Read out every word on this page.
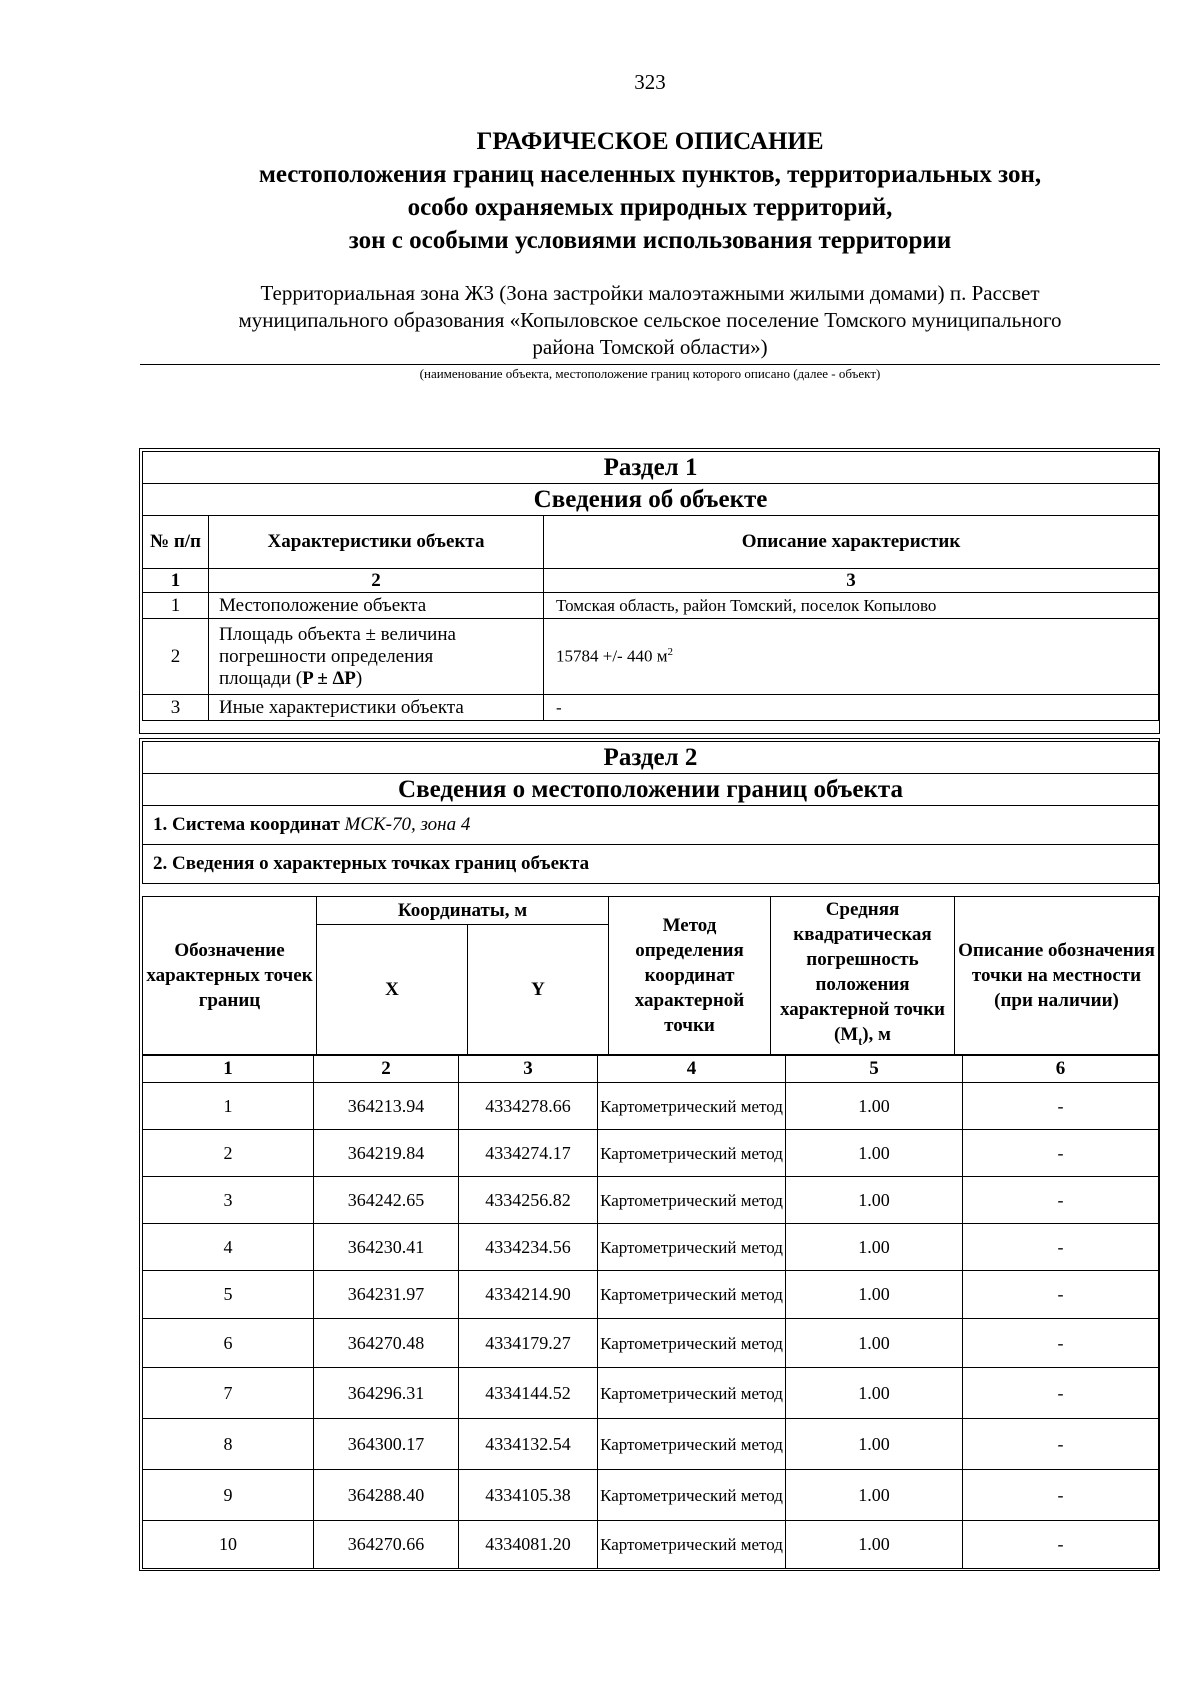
323
ГРАФИЧЕСКОЕ ОПИСАНИЕ
местоположения границ населенных пунктов, территориальных зон,
особо охраняемых природных территорий,
зон с особыми условиями использования территории
Территориальная зона Ж3 (Зона застройки малоэтажными жилыми домами) п. Рассвет
муниципального образования «Копыловское сельское поселение Томского муниципального
района Томской области»)
(наименование объекта, местоположение границ которого описано (далее - объект)
Раздел 1		
Сведения об объекте		
№ п/п	Характеристики объекта	Описание характеристик
1	2	3
1	Местоположение объекта	Томская область, район Томский, поселок Копылово
2	Площадь объекта ± величина
погрешности определения
площади (P ± ∆P)	15784 +/- 440 $м^2$
3	Иные характеристики объекта	-
Раздел 2
Сведения о местоположении границ объекта
1. Система координат МСК-70, зона 4
2. Сведения о характерных точках границ объекта
Обозначение характерных точек границ	Координаты, м		Метод определения координат характерной точки	Средняя квадратическая погрешность положения характерной точки $(M_t)$, м	Описание обозначения точки на местности (при наличии)
	X	Y			
1	2	3	4	5	6
1	364213.94	4334278.66	Картометрический метод	1.00	-
2	364219.84	4334274.17	Картометрический метод	1.00	-
3	364242.65	4334256.82	Картометрический метод	1.00	-
4	364230.41	4334234.56	Картометрический метод	1.00	-
5	364231.97	4334214.90	Картометрический метод	1.00	-
6	364270.48	4334179.27	Картометрический метод	1.00	-
7	364296.31	4334144.52	Картометрический метод	1.00	-
8	364300.17	4334132.54	Картометрический метод	1.00	-
9	364288.40	4334105.38	Картометрический метод	1.00	-
10	364270.66	4334081.20	Картометрический метод	1.00	-
